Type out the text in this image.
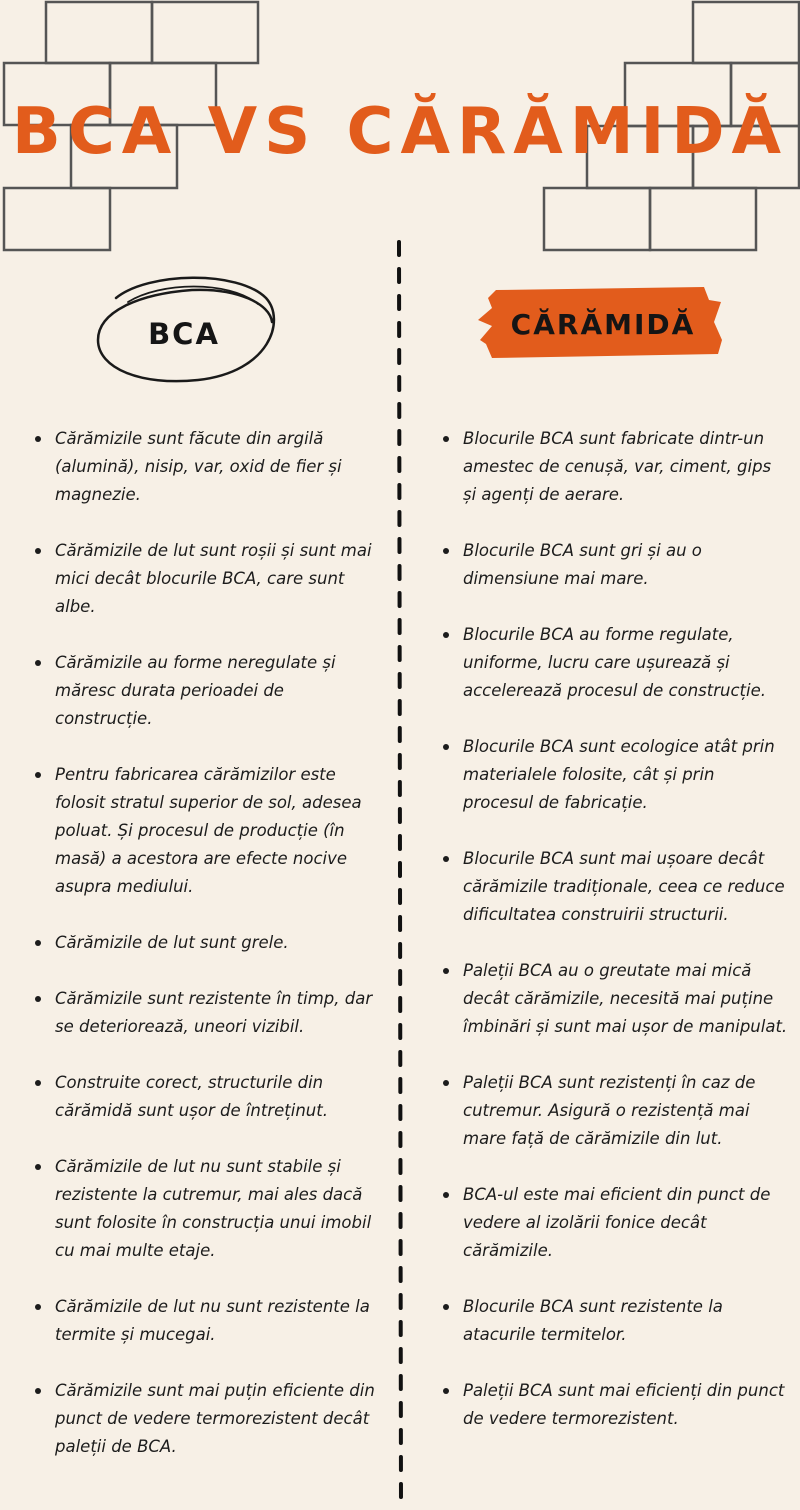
BCA VS CĂRĂMIDĂ
BCA	CĂRĂMIDĂ
Cărămizile sunt făcute din argilă (alumină), nisip, var, oxid de fier și magnezie.
Cărămizile de lut sunt roșii și sunt mai mici decât blocurile BCA, care sunt albe.
Cărămizile au forme neregulate și măresc durata perioadei de construcție.
Pentru fabricarea cărămizilor este folosit stratul superior de sol, adesea poluat. Și procesul de producție (în masă) a acestora are efecte nocive asupra mediului.
Cărămizile de lut sunt grele.
Cărămizile sunt rezistente în timp, dar se deteriorează, uneori vizibil.
Construite corect, structurile din cărămidă sunt ușor de întreținut.
Cărămizile de lut nu sunt stabile și rezistente la cutremur, mai ales dacă sunt folosite în construcția unui imobil cu mai multe etaje.
Cărămizile de lut nu sunt rezistente la termite și mucegai.
Cărămizile sunt mai puțin eficiente din punct de vedere termorezistent decât paleții de BCA.
Blocurile BCA sunt fabricate dintr-un amestec de cenușă, var, ciment, gips și agenți de aerare.
Blocurile BCA sunt gri și au o dimensiune mai mare.
Blocurile BCA au forme regulate, uniforme, lucru care ușurează și accelerează procesul de construcție.
Blocurile BCA sunt ecologice atât prin materialele folosite, cât și prin procesul de fabricație.
Blocurile BCA sunt mai ușoare decât cărămizile tradiționale, ceea ce reduce dificultatea construirii structurii.
Paleții BCA au o greutate mai mică decât cărămizile, necesită mai puține îmbinări și sunt mai ușor de manipulat.
Paleții BCA sunt rezistenți în caz de cutremur. Asigură o rezistență mai mare față de cărămizile din lut.
BCA-ul este mai eficient din punct de vedere al izolării fonice decât cărămizile.
Blocurile BCA sunt rezistente la atacurile termitelor.
Paleții BCA sunt mai eficienți din punct de vedere termorezistent.
